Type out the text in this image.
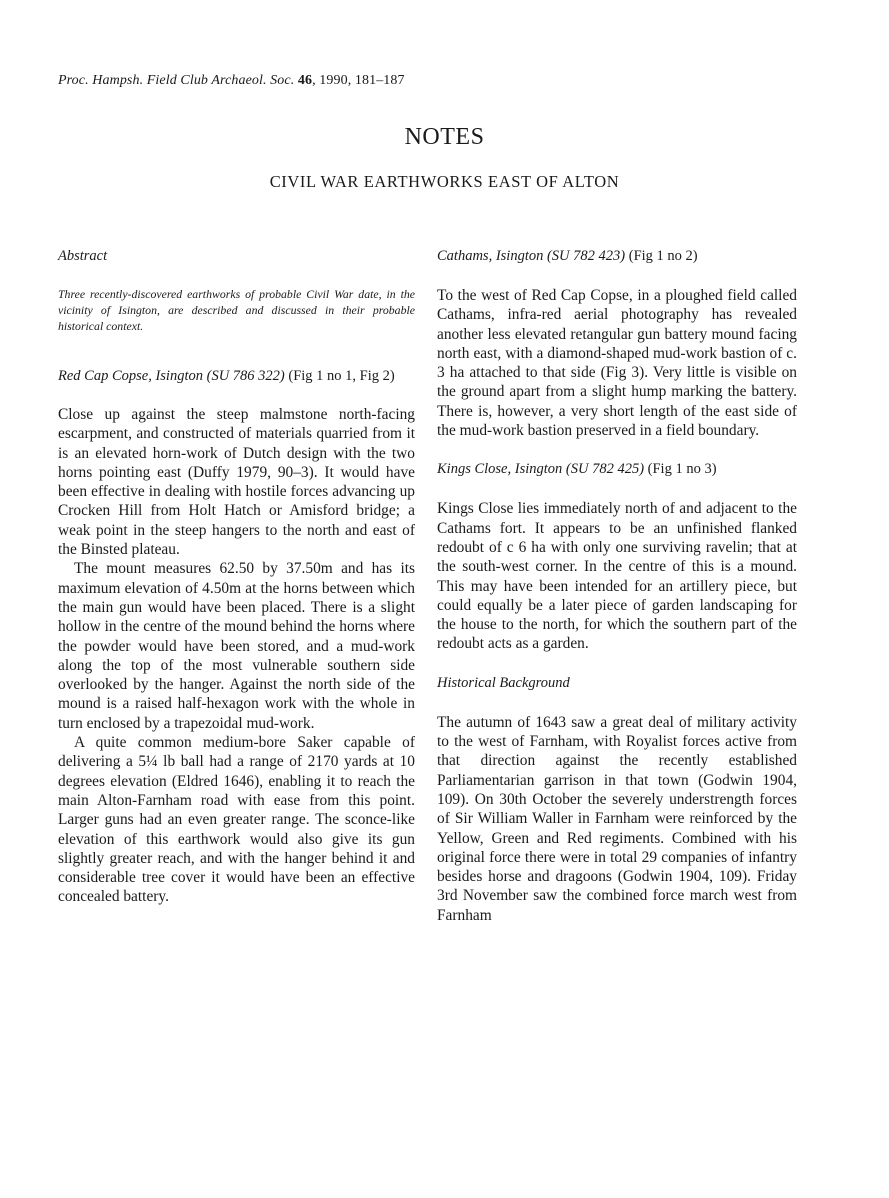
Proc. Hampsh. Field Club Archaeol. Soc. 46, 1990, 181–187
NOTES
CIVIL WAR EARTHWORKS EAST OF ALTON
Abstract

Three recently-discovered earthworks of probable Civil War date, in the vicinity of Isington, are described and discussed in their probable historical context.

Red Cap Copse, Isington (SU 786 322) (Fig 1 no 1, Fig 2)

Close up against the steep malmstone north-facing escarpment, and constructed of materials quarried from it is an elevated horn-work of Dutch design with the two horns pointing east (Duffy 1979, 90–3). It would have been effective in dealing with hostile forces advancing up Crocken Hill from Holt Hatch or Amisford bridge; a weak point in the steep hangers to the north and east of the Binsted plateau.

The mount measures 62.50 by 37.50m and has its maximum elevation of 4.50m at the horns between which the main gun would have been placed. There is a slight hollow in the centre of the mound behind the horns where the powder would have been stored, and a mud-work along the top of the most vulnerable southern side overlooked by the hanger. Against the north side of the mound is a raised half-hexagon work with the whole in turn enclosed by a trapezoidal mud-work.

A quite common medium-bore Saker capable of delivering a 5¼ lb ball had a range of 2170 yards at 10 degrees elevation (Eldred 1646), enabling it to reach the main Alton-Farnham road with ease from this point. Larger guns had an even greater range. The sconce-like elevation of this earthwork would also give its gun slightly greater reach, and with the hanger behind it and considerable tree cover it would have been an effective concealed battery.

Cathams, Isington (SU 782 423) (Fig 1 no 2)

To the west of Red Cap Copse, in a ploughed field called Cathams, infra-red aerial photography has revealed another less elevated retangular gun battery mound facing north east, with a diamond-shaped mud-work bastion of c. 3 ha attached to that side (Fig 3). Very little is visible on the ground apart from a slight hump marking the battery. There is, however, a very short length of the east side of the mud-work bastion preserved in a field boundary.

Kings Close, Isington (SU 782 425) (Fig 1 no 3)

Kings Close lies immediately north of and adjacent to the Cathams fort. It appears to be an unfinished flanked redoubt of c 6 ha with only one surviving ravelin; that at the south-west corner. In the centre of this is a mound. This may have been intended for an artillery piece, but could equally be a later piece of garden landscaping for the house to the north, for which the southern part of the redoubt acts as a garden.

Historical Background

The autumn of 1643 saw a great deal of military activity to the west of Farnham, with Royalist forces active from that direction against the recently established Parliamentarian garrison in that town (Godwin 1904, 109). On 30th October the severely understrength forces of Sir William Waller in Farnham were reinforced by the Yellow, Green and Red regiments. Combined with his original force there were in total 29 companies of infantry besides horse and dragoons (Godwin 1904, 109). Friday 3rd November saw the combined force march west from Farnham
